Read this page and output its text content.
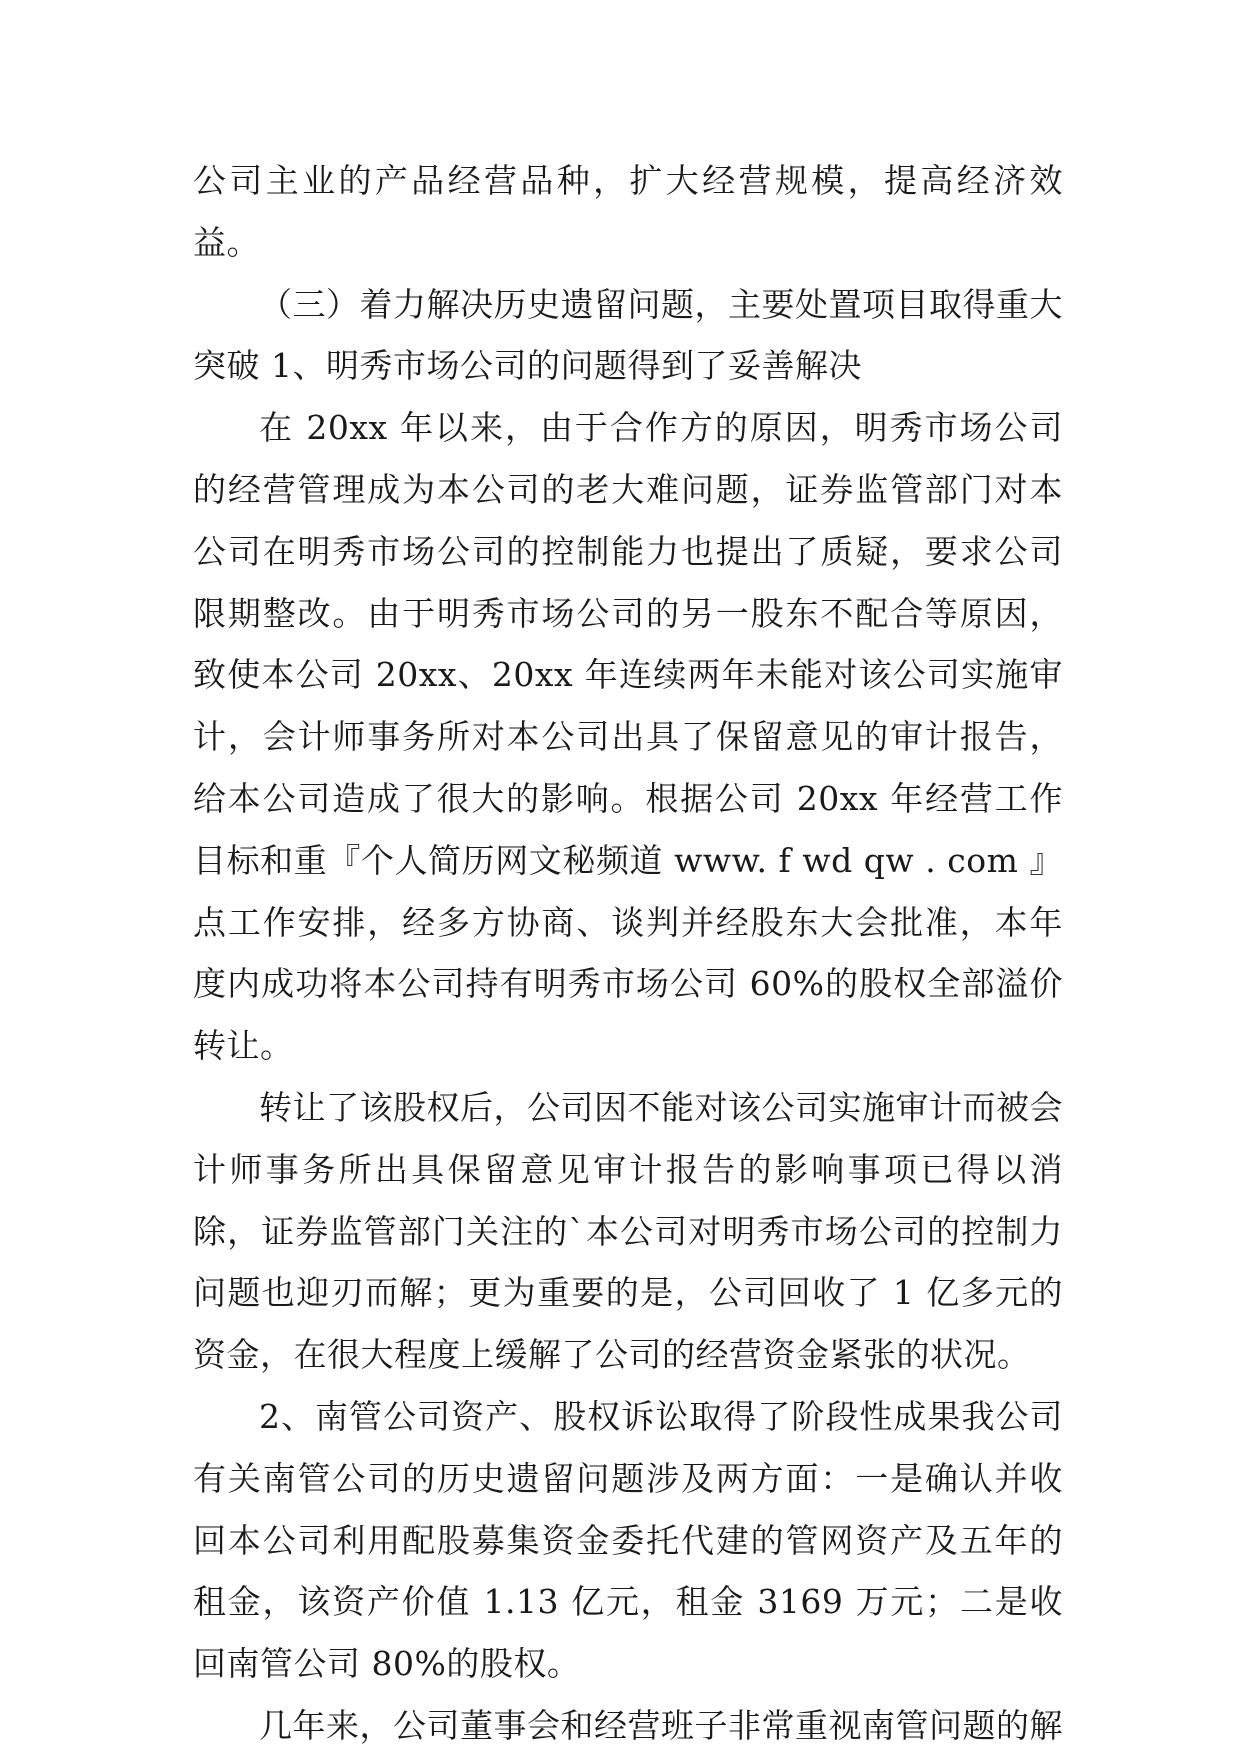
公司主业的产品经营品种，扩大经营规模，提高经济效益。

（三）着力解决历史遗留问题，主要处置项目取得重大突破 1、明秀市场公司的问题得到了妥善解决

在 20xx 年以来，由于合作方的原因，明秀市场公司的经营管理成为本公司的老大难问题，证券监管部门对本公司在明秀市场公司的控制能力也提出了质疑，要求公司限期整改。由于明秀市场公司的另一股东不配合等原因，致使本公司 20xx、20xx 年连续两年未能对该公司实施审计，会计师事务所对本公司出具了保留意见的审计报告，给本公司造成了很大的影响。根据公司 20xx 年经营工作目标和重『个人简历网文秘频道 www. f wd qw . com 』点工作安排，经多方协商、谈判并经股东大会批准，本年度内成功将本公司持有明秀市场公司 60%的股权全部溢价转让。

转让了该股权后，公司因不能对该公司实施审计而被会计师事务所出具保留意见审计报告的影响事项已得以消除，证券监管部门关注的`本公司对明秀市场公司的控制力问题也迎刃而解；更为重要的是，公司回收了 1 亿多元的资金，在很大程度上缓解了公司的经营资金紧张的状况。

2、南管公司资产、股权诉讼取得了阶段性成果我公司有关南管公司的历史遗留问题涉及两方面：一是确认并收回本公司利用配股募集资金委托代建的管网资产及五年的租金，该资产价值 1.13 亿元，租金 3169 万元；二是收回南管公司 80%的股权。

几年来，公司董事会和经营班子非常重视南管问题的解
